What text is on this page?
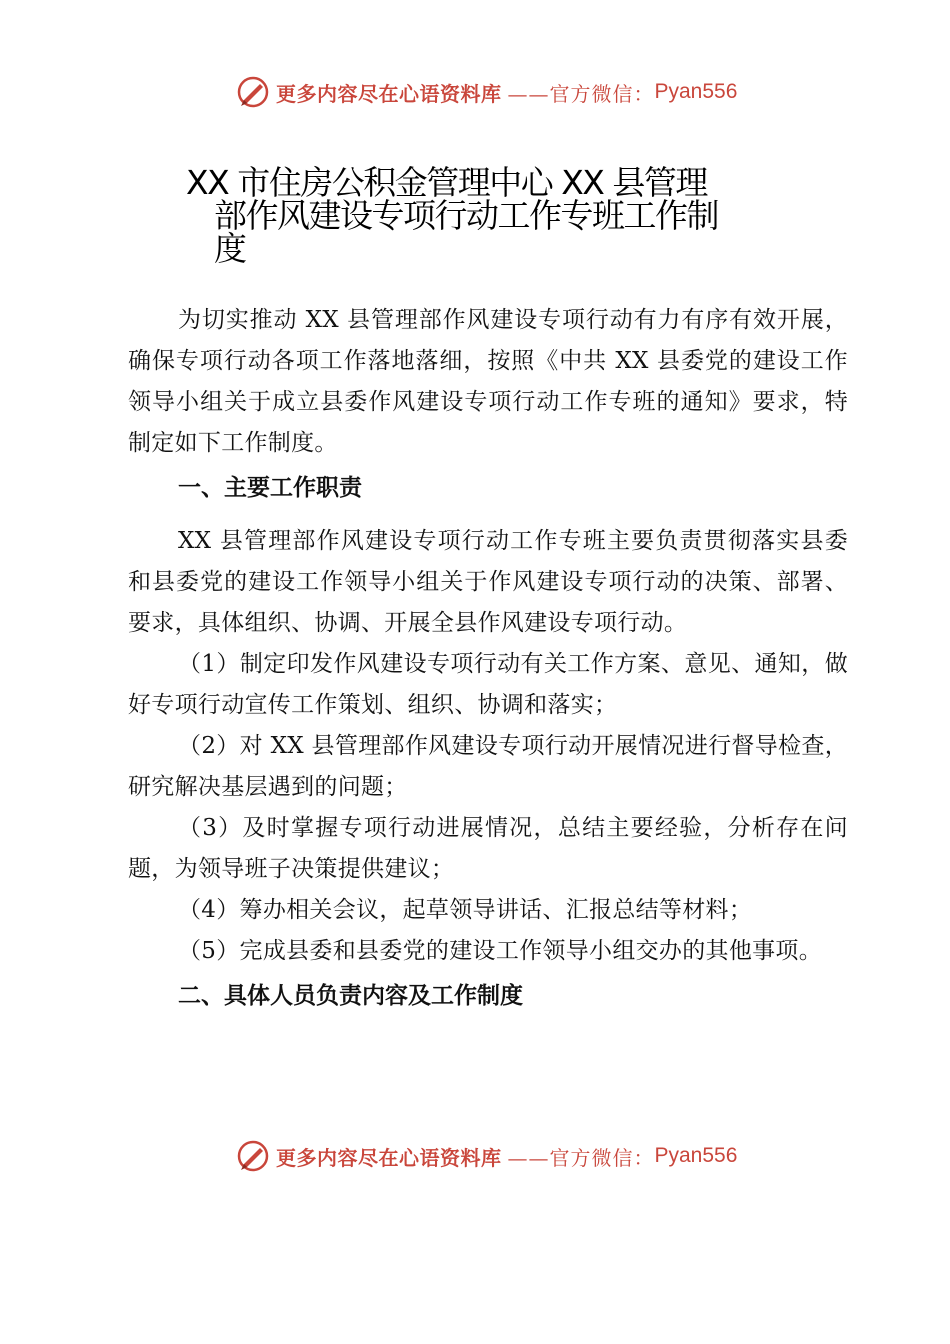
更多内容尽在心语资料库 ——官方微信： Pyan556
XX 市住房公积金管理中心 XX 县管理
部作风建设专项行动工作专班工作制
度

为切实推动 XX 县管理部作风建设专项行动有力有序有效开展，确保专项行动各项工作落地落细，按照《中共 XX 县委党的建设工作领导小组关于成立县委作风建设专项行动工作专班的通知》要求，特制定如下工作制度。

一、主要工作职责

XX 县管理部作风建设专项行动工作专班主要负责贯彻落实县委和县委党的建设工作领导小组关于作风建设专项行动的决策、部署、要求，具体组织、协调、开展全县作风建设专项行动。

（1）制定印发作风建设专项行动有关工作方案、意见、通知，做好专项行动宣传工作策划、组织、协调和落实；

（2）对 XX 县管理部作风建设专项行动开展情况进行督导检查，研究解决基层遇到的问题；

（3）及时掌握专项行动进展情况，总结主要经验，分析存在问题，为领导班子决策提供建议；

（4）筹办相关会议，起草领导讲话、汇报总结等材料；

（5）完成县委和县委党的建设工作领导小组交办的其他事项。

二、具体人员负责内容及工作制度

更多内容尽在心语资料库 ——官方微信： Pyan556
